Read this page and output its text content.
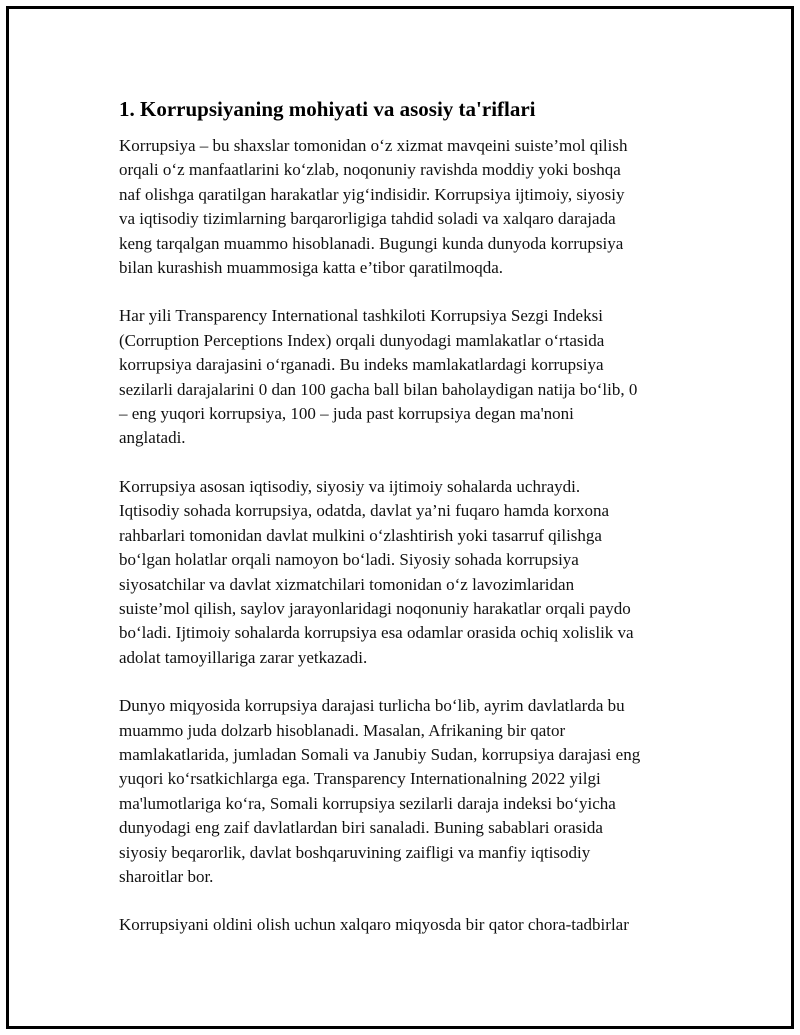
1. Korrupsiyaning mohiyati va asosiy ta'riflari

Korrupsiya – bu shaxslar tomonidan o‘z xizmat mavqeini suiste’mol qilish
orqali o‘z manfaatlarini ko‘zlab, noqonuniy ravishda moddiy yoki boshqa
naf olishga qaratilgan harakatlar yig‘indisidir. Korrupsiya ijtimoiy, siyosiy
va iqtisodiy tizimlarning barqarorligiga tahdid soladi va xalqaro darajada
keng tarqalgan muammo hisoblanadi. Bugungi kunda dunyoda korrupsiya
bilan kurashish muammosiga katta e’tibor qaratilmoqda.

Har yili Transparency International tashkiloti Korrupsiya Sezgi Indeksi
(Corruption Perceptions Index) orqali dunyodagi mamlakatlar o‘rtasida
korrupsiya darajasini o‘rganadi. Bu indeks mamlakatlardagi korrupsiya
sezilarli darajalarini 0 dan 100 gacha ball bilan baholaydigan natija bo‘lib, 0
– eng yuqori korrupsiya, 100 – juda past korrupsiya degan ma'noni
anglatadi.

Korrupsiya asosan iqtisodiy, siyosiy va ijtimoiy sohalarda uchraydi.
Iqtisodiy sohada korrupsiya, odatda, davlat ya’ni fuqaro hamda korxona
rahbarlari tomonidan davlat mulkini o‘zlashtirish yoki tasarruf qilishga
bo‘lgan holatlar orqali namoyon bo‘ladi. Siyosiy sohada korrupsiya
siyosatchilar va davlat xizmatchilari tomonidan o‘z lavozimlaridan
suiste’mol qilish, saylov jarayonlaridagi noqonuniy harakatlar orqali paydo
bo‘ladi. Ijtimoiy sohalarda korrupsiya esa odamlar orasida ochiq xolislik va
adolat tamoyillariga zarar yetkazadi.

Dunyo miqyosida korrupsiya darajasi turlicha bo‘lib, ayrim davlatlarda bu
muammo juda dolzarb hisoblanadi. Masalan, Afrikaning bir qator
mamlakatlarida, jumladan Somali va Janubiy Sudan, korrupsiya darajasi eng
yuqori ko‘rsatkichlarga ega. Transparency Internationalning 2022 yilgi
ma'lumotlariga ko‘ra, Somali korrupsiya sezilarli daraja indeksi bo‘yicha
dunyodagi eng zaif davlatlardan biri sanaladi. Buning sabablari orasida
siyosiy beqarorlik, davlat boshqaruvining zaifligi va manfiy iqtisodiy
sharoitlar bor.

Korrupsiyani oldini olish uchun xalqaro miqyosda bir qator chora-tadbirlar
